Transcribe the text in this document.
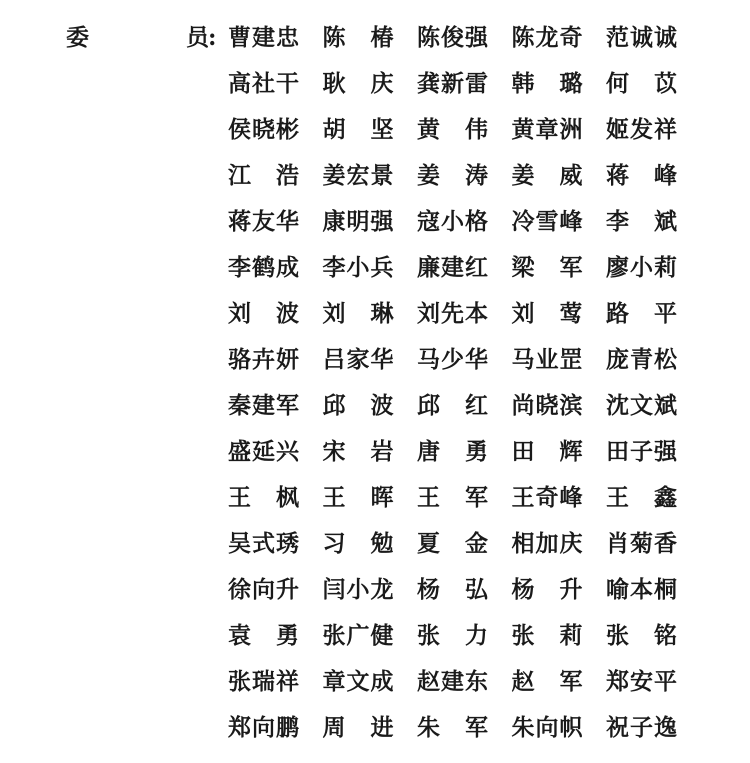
委	员 : 曹建忠 陈　椿 陈俊强 陈龙奇 范诚诚
高社干 耿　庆 龚新雷 韩　璐 何　苡
侯晓彬 胡　坚 黄　伟 黄章洲 姬发祥
江　浩 姜宏景 姜　涛 姜　威 蒋　峰
蒋友华 康明强 寇小格 冷雪峰 李　斌
李鹤成 李小兵 廉建红 梁　军 廖小莉
刘　波 刘　琳 刘先本 刘　莺 路　平
骆卉妍 吕家华 马少华 马业罡 庞青松
秦建军 邱　波 邱　红 尚晓滨 沈文斌
盛延兴 宋　岩 唐　勇 田　辉 田子强
王　枫 王　晖 王　军 王奇峰 王　鑫
吴式琇 习　勉 夏　金 相加庆 肖菊香
徐向升 闫小龙 杨　弘 杨　升 喻本桐
袁　勇 张广健 张　力 张　莉 张　铭
张瑞祥 章文成 赵建东 赵　军 郑安平
郑向鹏 周　进 朱　军 朱向帜 祝子逸
